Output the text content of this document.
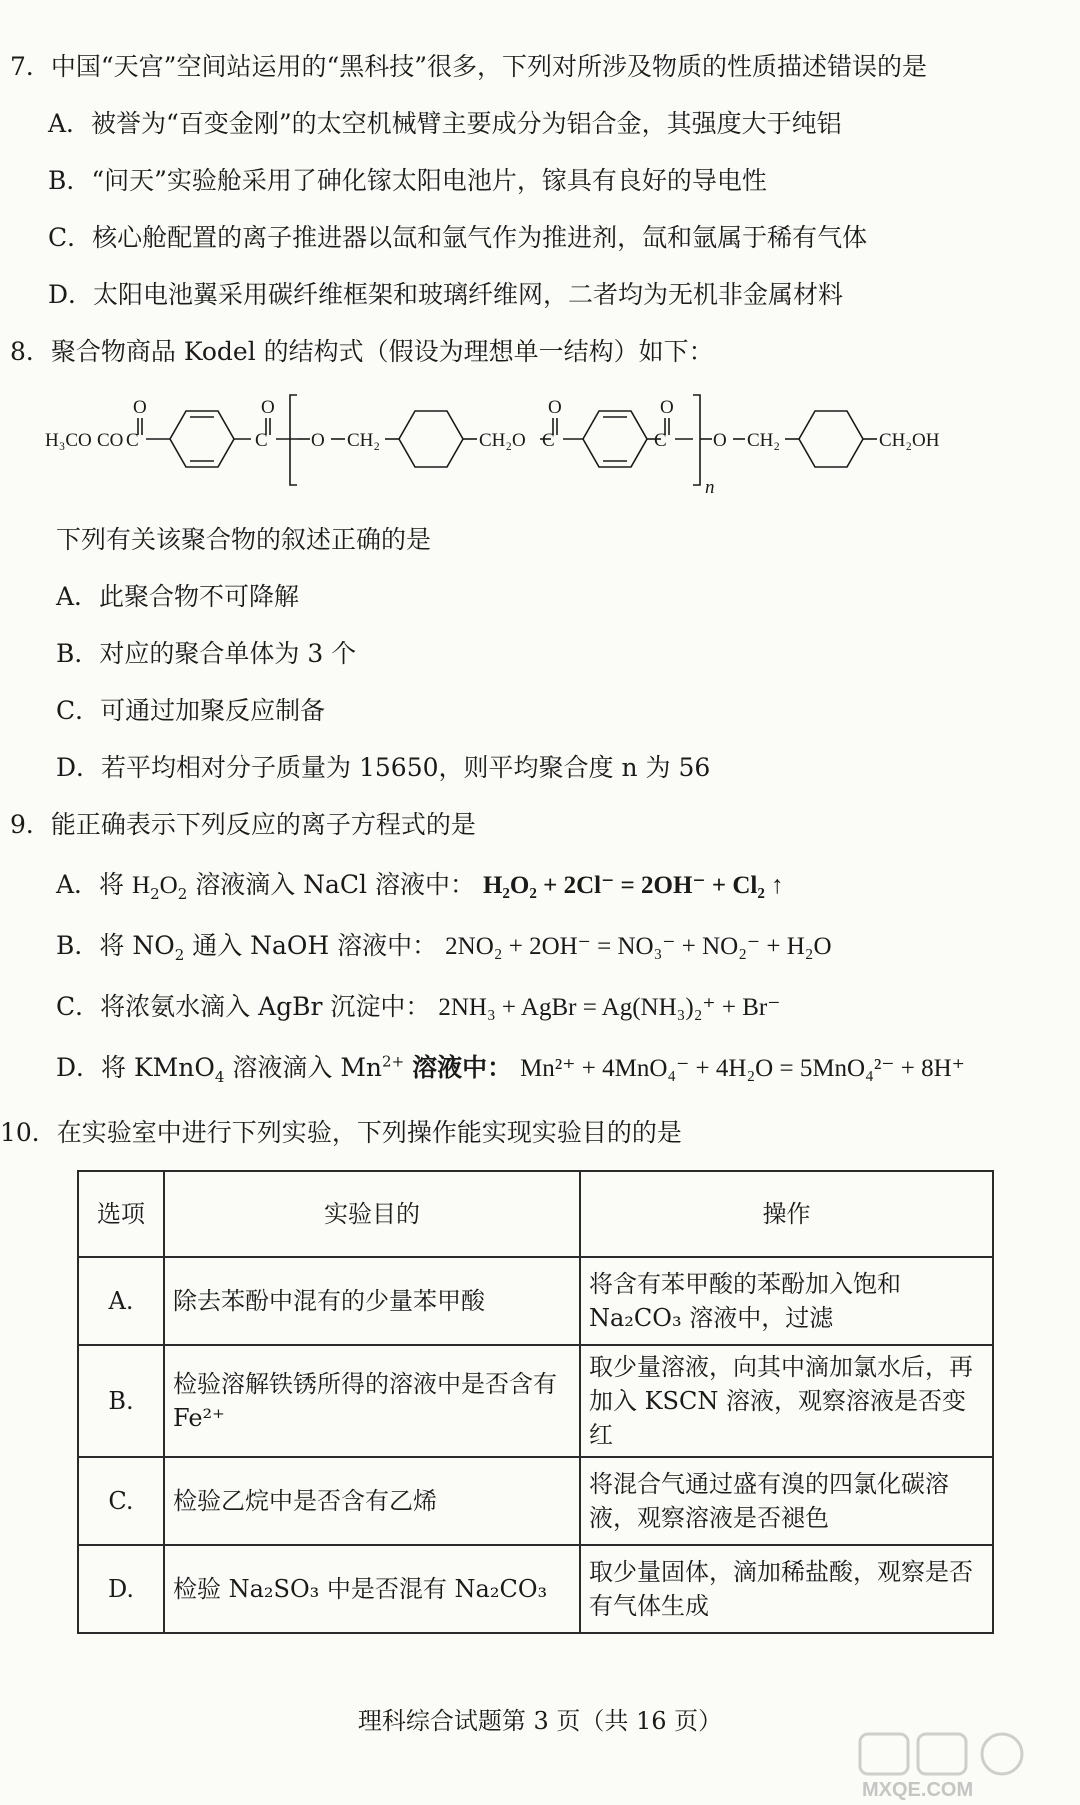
7．中国“天宫”空间站运用的“黑科技”很多，下列对所涉及物质的性质描述错误的是
A．被誉为“百变金刚”的太空机械臂主要成分为铝合金，其强度大于纯铝
B．“问天”实验舱采用了砷化镓太阳电池片，镓具有良好的导电性
C．核心舱配置的离子推进器以氙和氩气作为推进剂，氙和氩属于稀有气体
D．太阳电池翼采用碳纤维框架和玻璃纤维网，二者均为无机非金属材料
8．聚合物商品 Kodel 的结构式（假设为理想单一结构）如下：
H₃CO CO C
O
C
O
O CH₂	CH₂O C
O
C
O
O CH₂	CH₂OH
n
下列有关该聚合物的叙述正确的是
A．此聚合物不可降解
B．对应的聚合单体为 3 个
C．可通过加聚反应制备
D．若平均相对分子质量为 15650，则平均聚合度 n 为 56
9．能正确表示下列反应的离子方程式的是
A．将 $H_2O_2$ 溶液滴入 NaCl 溶液中： H₂O₂ + 2Cl⁻ = 2OH⁻ + Cl₂ ↑
B．将 $NO_2$ 通入 NaOH 溶液中： 2NO₂ + 2OH⁻ = NO₃⁻ + NO₂⁻ + H₂O
C．将浓氨水滴入 AgBr 沉淀中： 2NH₃ + AgBr = Ag(NH₃)₂⁺ + Br⁻
D．将 KMnO$_4$ 溶液滴入 $Mn^{2+}$ 溶液中： Mn²⁺ + 4MnO₄⁻ + 4H₂O = 5MnO₄²⁻ + 8H⁺
10．在实验室中进行下列实验，下列操作能实现实验目的的是
选项	实验目的	操作
A.	除去苯酚中混有的少量苯甲酸	将含有苯甲酸的苯酚加入饱和 Na₂CO₃ 溶液中，过滤
B.	检验溶解铁锈所得的溶液中是否含有 Fe²⁺	取少量溶液，向其中滴加氯水后，再加入 KSCN 溶液，观察溶液是否变红
C.	检验乙烷中是否含有乙烯	将混合气通过盛有溴的四氯化碳溶液，观察溶液是否褪色
D.	检验 Na₂SO₃ 中是否混有 Na₂CO₃	取少量固体，滴加稀盐酸，观察是否有气体生成
理科综合试题第 3 页（共 16 页）
MXQE.COM
